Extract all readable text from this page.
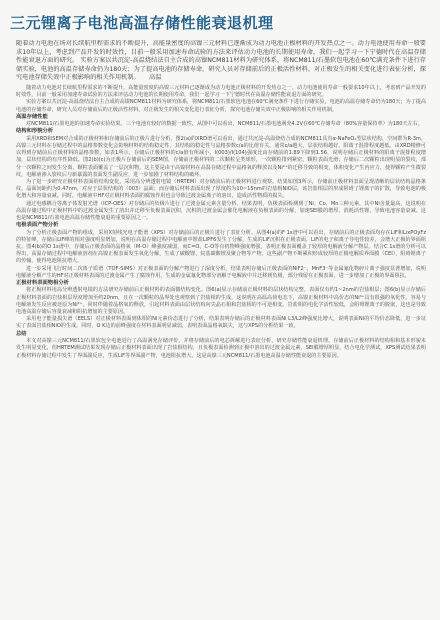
三元锂离子电池高温存储性能衰退机理

随着动力电池在场对长续航里程需求的不断提升，高能量密度的高镍三元材料已逐渐成为动力电池正极材料的开发热点之一。动力电池使用寿命一般要求10年以上，考虑到产品开发的时效性，目前一般采用加速寿命试验的方法来评估动力电池的长期使用寿命，我们一起学习一下宁德时代在高温存储性能衰退方面的研究。 实验方案以共沉淀-高温烧结法自主合成的高镍NCM811材料为研究体系，将NCM811/石墨软包电池在60℃满充条件下进行存储实验，电池的高温存储寿命仍为180天；为了提高电池的存储寿命，研究人员对存储前后的正极活性材料，对正极发生的相关变化进行表征分析，探究电池存储失效中正极影响的相关作用机制。　　高温

随着动力电池对长续航里程需求的不断提升，高能量密度的高镍三元材料已逐渐成为动力电池正极材料的开发热点之一。动力电池使用寿命一般要求10年以上，考虑到产品开发的时效性，目前一般采用加速寿命试验的方法来评估动力电池的长期使用寿命，我们一起学习一下宁德时代在高温存储性能衰退方面的研究。

实验方案以共沉淀-高温烧结法自主合成的高镍NCM811材料为研究体系，将NCM811/石墨软包电池在60℃满充条件下进行存储实验，电池的高温存储寿命仍为180天；为了提高电池的存储寿命，研究人员对存储前后的正极活性材料，对正极发生的相关变化进行表征分析，探究电池存储失效中正极影响的相关作用机制。

高温存储性能

对NCM811/石墨电池的加速寿命实验结果。三个电池有较好的数据一致性，从图中可以看出，NCM811/石墨电池满充4.2V在60℃存储寿命（80%容量保持率）为180天左右。

结构和形貌分析

采用XRD和SEM对合成的正极材料和存储前后的正极片进行分析。图2(a)的XRD谱可以看出，通过共沉淀-高温烧结合成的NCM811具有α-NaFeO₂型层状结构，空间群为R-3m。高镍三元材料在存储过程中的晶格参数变化会影响材料的结构稳定性，其结构的稳定性与晶格参数c/a的比值有关。通常c/a越大，层状结构越好，阳离子混排程度越低。由XRD精修可以得到存储前后正极材料的晶格参数，如表1所示，存储后正极材料的c/a值有所减小，I(003)/I(104)强度比由存储前的1.89下降到1.56，说明存储后正极材料的阳离子混排程度增加，层状结构的有序性降低。图2(b)(c)为正极片存储前后的SEM图，存储前正极材料的二次颗粒呈类球形，一次颗粒排列紧密，颗粒表面光滑；存储后二次颗粒出现明显的裂纹，部分一次颗粒之间发生分离，颗粒表面覆盖了一层沉积物。这主要是由于高镍材料在高温存储过程中晶格氧的释放以及Ni²⁺的迁移导致的相变，体积变化产生内应力，使得颗粒产生微裂纹，电解液渗入裂纹后与新暴露的表面发生副反应，进一步加剧了材料结构的破坏。

为了进一步研究正极材料表面的结构变化，采用高分辨透射电镜（HRTEM）对存储前后的正极材料进行观察。结果如图3所示，存储前正极材料表面呈现清晰的层状结构晶格条纹，晶面间距约为0.47nm，对应于层状结构的（003）晶面；而存储后材料表面出现了厚度约为10~15nm的岩盐相NiO层，该岩盐相层的形成阻碍了锂离子的扩散，导致电池的极化增大和容量衰减。同时，电解液中HF对正极材料表面的腐蚀作用也会导致过渡金属离子的溶出，造成活性物质的损失。

通过电感耦合等离子体发射光谱（ICP-OES）对存储后的负极片进行了过渡金属元素含量分析。结果表明，负极表面检测到了Ni、Co、Mn三种元素，其中Ni含量最高，这说明在高温存储过程中正极材料中的过渡金属发生了溶出并迁移至负极表面沉积，沉积的过渡金属会催化电解液在负极表面的分解，加速SEI膜的增厚，消耗活性锂，导致电池容量衰减。这也是NCM811/石墨电池高温存储性能衰退的重要原因之一。

电极表面产物分析

为了分析正极表面产物的组成，采用X射线光电子能谱（XPS）对存储前后的正极片进行了表征分析。从图4(a)的F 1s谱中可以看出，存储前后的正极表面均存在LiF和LixPOyFz的特征峰，存储后LiF峰的相对强度明显增加，说明在高温存储过程中电解液中锂盐LiPF6发生了分解，生成的LiF沉积在正极表面，LiF的电子和离子导电性较差，会增大正极的界面阻抗。图4(b)的O 1s谱中，存储后正极表面的晶格氧（M-O）峰强度减弱，而C=O、C-O等有机物峰强度增强，表明正极表面覆盖了较厚的电解液分解产物层。结合C 1s谱的分析可以得出，高温存储过程中电解液溶剂在高镍正极表面发生氧化分解，生成了碳酸锂、烷基碳酸锂及聚合物等产物，这些副产物不断累积形成较厚的正极电解质界面膜（CEI），阻碍锂离子的传输，使得电池阻抗增大。

进一步采用飞行时间二次离子质谱（TOF-SIMS）对正极表面的分解产物进行了深度分析，结果表明存储后正极表面的NiF2⁻、MnF3⁻等金属氟化物碎片离子强度显著增加，说明电解液分解产生的HF对正极材料表面的过渡金属产生了腐蚀作用，生成的金属氟化物部分溶解于电解液中并迁移到负极，部分残留在正极表面，进一步增加了正极的界面阻抗。

正极材料表面物相分析

将正极材料用高分辨透射电镜的方法研究存储前后正极材料的表面微结构变化。图6(a)显示存储前正极材料的层状结构完整，表面仅有约1~2nm的岩盐相层；图6(b)显示存储后正极材料表面的岩盐相层厚度增加至约20nm，且在一次颗粒的晶界处也观察到了岩盐相的生成，这说明在高温高荷电态下，高镍正极材料中高价态的Ni⁴⁺具有很强的氧化性，容易与电解液发生反应被还原为Ni²⁺，同时伴随着晶格氧的释放，引起材料表面由层状结构向尖晶石相和岩盐相的不可逆相变。岩盐相的电化学活性较低，会阻碍锂离子的脱嵌，这也是导致电池高温存储后容量衰减和阻抗增加的主要原因。

采用电子能量损失谱（EELS）对正极材料表面到体相的Ni元素价态进行了分析，结果表明存储后的正极材料表面Ni L3/L2峰强度比增大，说明表面Ni的平均价态降低，进一步证实了表面岩盐相NiO的生成。同时，O K边的前峰强度在材料表面明显减弱，表明表面晶格氧缺失，这与XPS的分析结果一致。

总结

本文对高镍三元NCM811/石墨软包全电池进行了高温满充存储评价，并将存储前后的电芯拆解进行表征分析，研究存储性能衰退机理。存储前后正极材料的结构相和基本形貌未发生明显变化，但HRTEM测试结果发现存储后正极材料表面出现了岩盐相结构，且负极表面检测到正极中溶出的过渡金属元素，SEI膜增厚明显。结合电化学测试，XPS测试结果表明正极材料存储过程中发生了界面副反应，生成LiF等界面副产物，电池阻抗增大，这是高镍三元NCM811/石墨电池高温存储性能衰退的主要原因。
